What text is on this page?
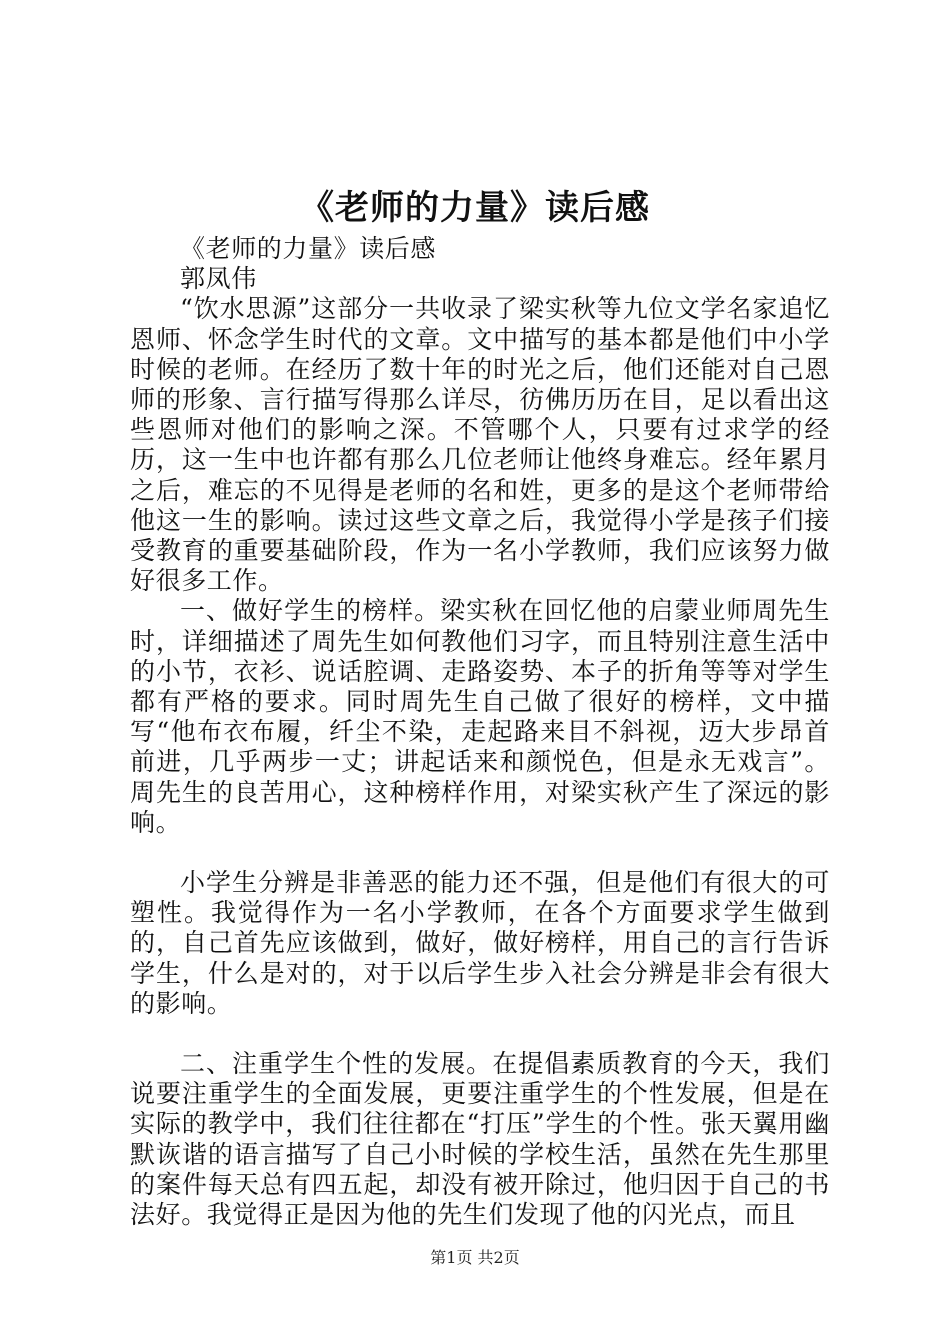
《老师的力量》读后感

《老师的力量》读后感

郭凤伟

“饮水思源”这部分一共收录了梁实秋等九位文学名家追忆恩师、怀念学生时代的文章。文中描写的基本都是他们中小学时候的老师。在经历了数十年的时光之后，他们还能对自己恩师的形象、言行描写得那么详尽，彷佛历历在目，足以看出这些恩师对他们的影响之深。不管哪个人，只要有过求学的经历，这一生中也许都有那么几位老师让他终身难忘。经年累月之后，难忘的不见得是老师的名和姓，更多的是这个老师带给他这一生的影响。读过这些文章之后，我觉得小学是孩子们接受教育的重要基础阶段，作为一名小学教师，我们应该努力做好很多工作。

一、做好学生的榜样。梁实秋在回忆他的启蒙业师周先生时，详细描述了周先生如何教他们习字，而且特别注意生活中的小节，衣衫、说话腔调、走路姿势、本子的折角等等对学生都有严格的要求。同时周先生自己做了很好的榜样，文中描写“他布衣布履，纤尘不染，走起路来目不斜视，迈大步昂首前进，几乎两步一丈；讲起话来和颜悦色，但是永无戏言”。周先生的良苦用心，这种榜样作用，对梁实秋产生了深远的影响。

小学生分辨是非善恶的能力还不强，但是他们有很大的可塑性。我觉得作为一名小学教师，在各个方面要求学生做到的，自己首先应该做到，做好，做好榜样，用自己的言行告诉学生，什么是对的，对于以后学生步入社会分辨是非会有很大的影响。

二、注重学生个性的发展。在提倡素质教育的今天，我们说要注重学生的全面发展，更要注重学生的个性发展，但是在实际的教学中，我们往往都在“打压”学生的个性。张天翼用幽默诙谐的语言描写了自己小时候的学校生活，虽然在先生那里的案件每天总有四五起，却没有被开除过，他归因于自己的书法好。我觉得正是因为他的先生们发现了他的闪光点，而且

第1页 共2页
